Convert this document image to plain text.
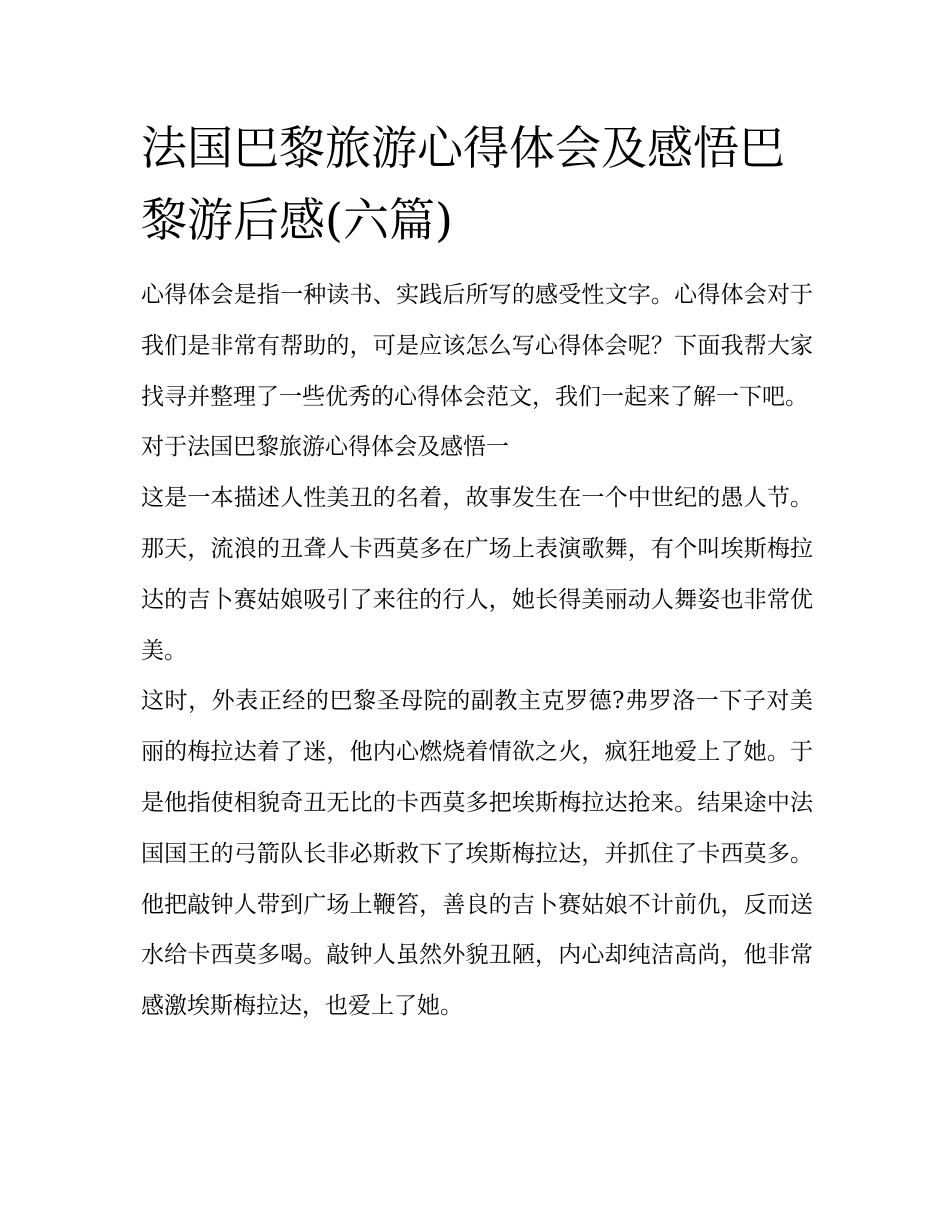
法国巴黎旅游心得体会及感悟巴黎游后感(六篇)

心得体会是指一种读书、实践后所写的感受性文字。心得体会对于我们是非常有帮助的，可是应该怎么写心得体会呢？下面我帮大家找寻并整理了一些优秀的心得体会范文，我们一起来了解一下吧。

对于法国巴黎旅游心得体会及感悟一

这是一本描述人性美丑的名着，故事发生在一个中世纪的愚人节。那天，流浪的丑聋人卡西莫多在广场上表演歌舞，有个叫埃斯梅拉达的吉卜赛姑娘吸引了来往的行人，她长得美丽动人舞姿也非常优美。

这时，外表正经的巴黎圣母院的副教主克罗德?弗罗洛一下子对美丽的梅拉达着了迷，他内心燃烧着情欲之火，疯狂地爱上了她。于是他指使相貌奇丑无比的卡西莫多把埃斯梅拉达抢来。结果途中法国国王的弓箭队长非必斯救下了埃斯梅拉达，并抓住了卡西莫多。他把敲钟人带到广场上鞭笞，善良的吉卜赛姑娘不计前仇，反而送水给卡西莫多喝。敲钟人虽然外貌丑陋，内心却纯洁高尚，他非常感激埃斯梅拉达，也爱上了她。
